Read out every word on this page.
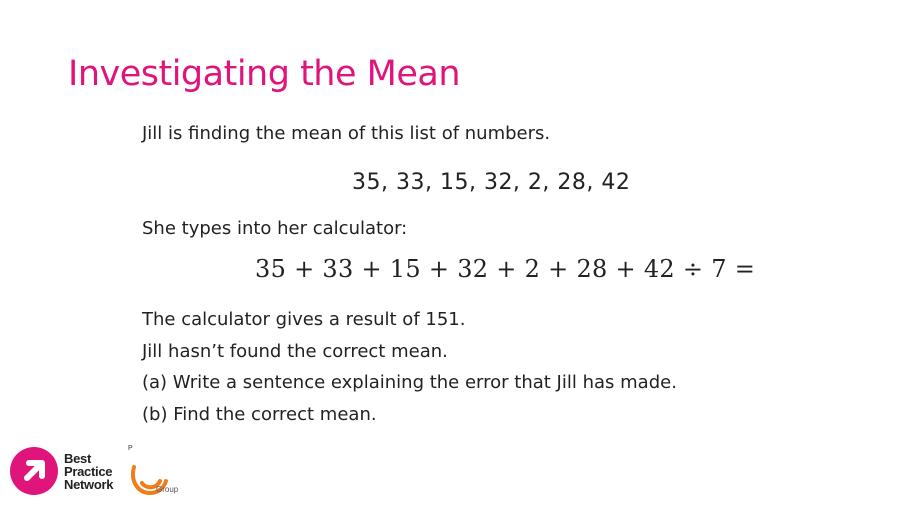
Investigating the Mean
Jill is finding the mean of this list of numbers.
35, 33, 15, 32, 2, 28, 42
She types into her calculator:
35 + 33 + 15 + 32 + 2 + 28 + 42 ÷ 7 =
The calculator gives a result of 151.
Jill hasn’t found the correct mean.
(a) Write a sentence explaining the error that Jill has made.
(b) Find the correct mean.
Best
Practice
Network
P
Group
